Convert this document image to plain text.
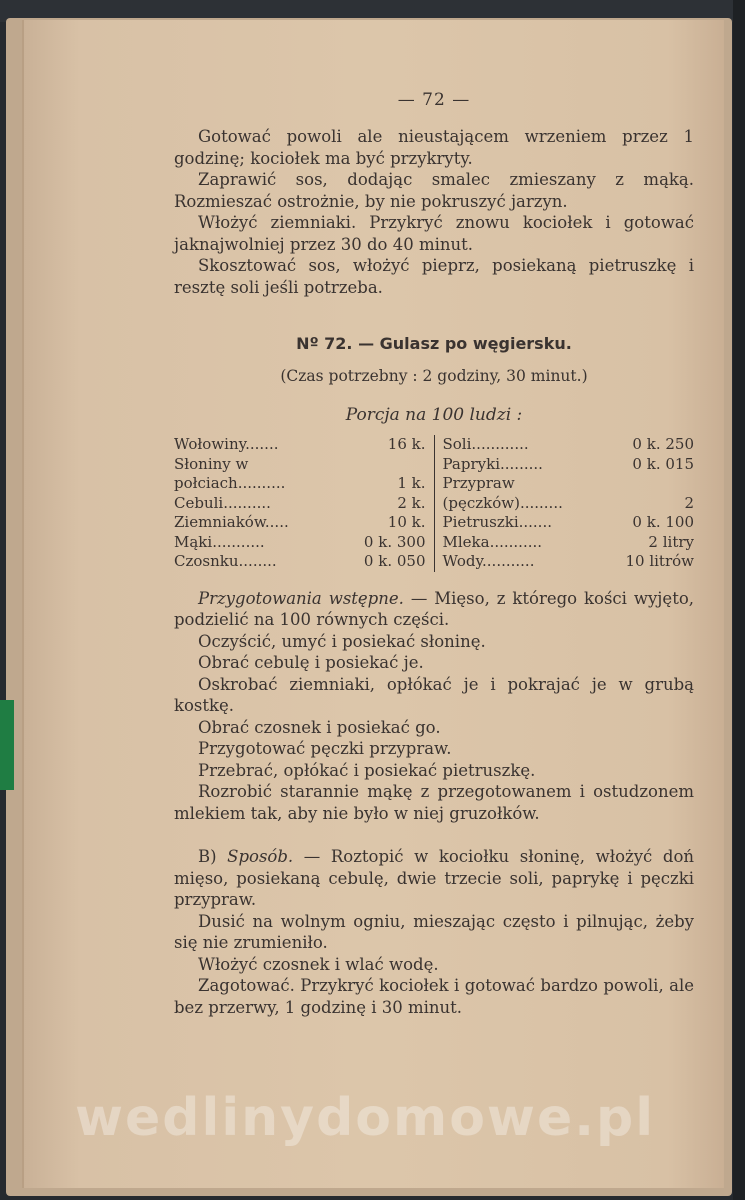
— 72 —

Gotować powoli ale nieustającem wrzeniem przez 1 godzinę; kociołek ma być przykryty.

Zaprawić sos, dodając smalec zmieszany z mąką. Rozmieszać ostrożnie, by nie pokruszyć jarzyn.

Włożyć ziemniaki. Przykryć znowu kociołek i gotować jaknajwolniej przez 30 do 40 minut.

Skosztować sos, włożyć pieprz, posiekaną pietruszkę i resztę soli jeśli potrzeba.

Nº 72. — Gulasz po węgiersku.
(Czas potrzebny : 2 godziny, 30 minut.)
Porcja na 100 ludzi :
Wołowiny.......	16 k.
Słoniny w połciach..........	1 k.
Cebuli..........	2 k.
Ziemniaków.....	10 k.
Mąki...........	0 k. 300
Czosnku........	0 k. 050
Soli............	0 k. 250
Papryki.........	0 k. 015
Przypraw (pęczków).........	2
Pietruszki.......	0 k. 100
Mleka...........	2 litry
Wody...........	10 litrów

Przygotowania wstępne. — Mięso, z którego kości wyjęto, podzielić na 100 równych części.

Oczyścić, umyć i posiekać słoninę.

Obrać cebulę i posiekać je.

Oskrobać ziemniaki, opłókać je i pokrajać je w grubą kostkę.

Obrać czosnek i posiekać go.

Przygotować pęczki przypraw.

Przebrać, opłókać i posiekać pietruszkę.

Rozrobić starannie mąkę z przegotowanem i ostudzonem mlekiem tak, aby nie było w niej gruzołków.

B) Sposób. — Roztopić w kociołku słoninę, włożyć doń mięso, posiekaną cebulę, dwie trzecie soli, paprykę i pęczki przypraw.

Dusić na wolnym ogniu, mieszając często i pilnując, żeby się nie zrumieniło.

Włożyć czosnek i wlać wodę.

Zagotować. Przykryć kociołek i gotować bardzo powoli, ale bez przerwy, 1 godzinę i 30 minut.

wedlinydomowe.pl
